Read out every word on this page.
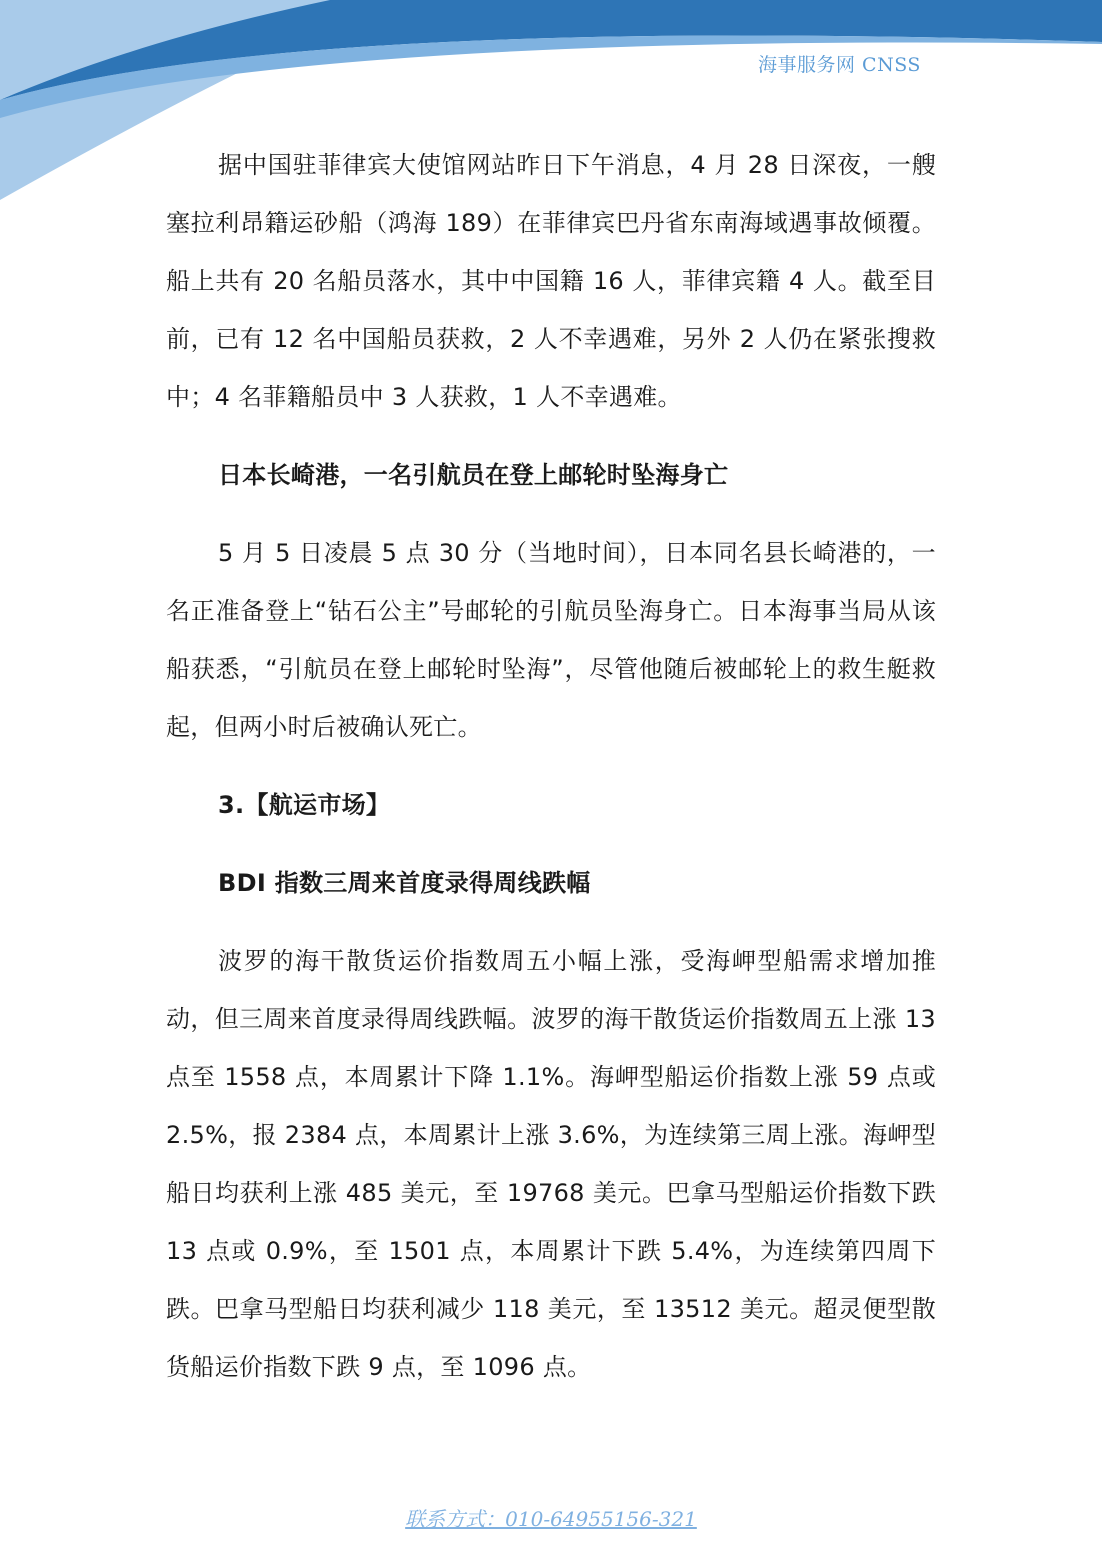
海事服务网 CNSS

据中国驻菲律宾大使馆网站昨日下午消息，4 月 28 日深夜，一艘塞拉利昂籍运砂船（鸿海 189）在菲律宾巴丹省东南海域遇事故倾覆。船上共有 20 名船员落水，其中中国籍 16 人，菲律宾籍 4 人。截至目前，已有 12 名中国船员获救，2 人不幸遇难，另外 2 人仍在紧张搜救中；4 名菲籍船员中 3 人获救，1 人不幸遇难。

日本长崎港，一名引航员在登上邮轮时坠海身亡

5 月 5 日凌晨 5 点 30 分（当地时间），日本同名县长崎港的，一名正准备登上“钻石公主”号邮轮的引航员坠海身亡。日本海事当局从该船获悉，“引航员在登上邮轮时坠海”，尽管他随后被邮轮上的救生艇救起，但两小时后被确认死亡。

3.【航运市场】

BDI 指数三周来首度录得周线跌幅

波罗的海干散货运价指数周五小幅上涨，受海岬型船需求增加推动，但三周来首度录得周线跌幅。波罗的海干散货运价指数周五上涨 13 点至 1558 点，本周累计下降 1.1%。海岬型船运价指数上涨 59 点或 2.5%，报 2384 点，本周累计上涨 3.6%，为连续第三周上涨。海岬型船日均获利上涨 485 美元，至 19768 美元。巴拿马型船运价指数下跌 13 点或 0.9%，至 1501 点，本周累计下跌 5.4%，为连续第四周下跌。巴拿马型船日均获利减少 118 美元，至 13512 美元。超灵便型散货船运价指数下跌 9 点，至 1096 点。

联系方式：010-64955156-321
